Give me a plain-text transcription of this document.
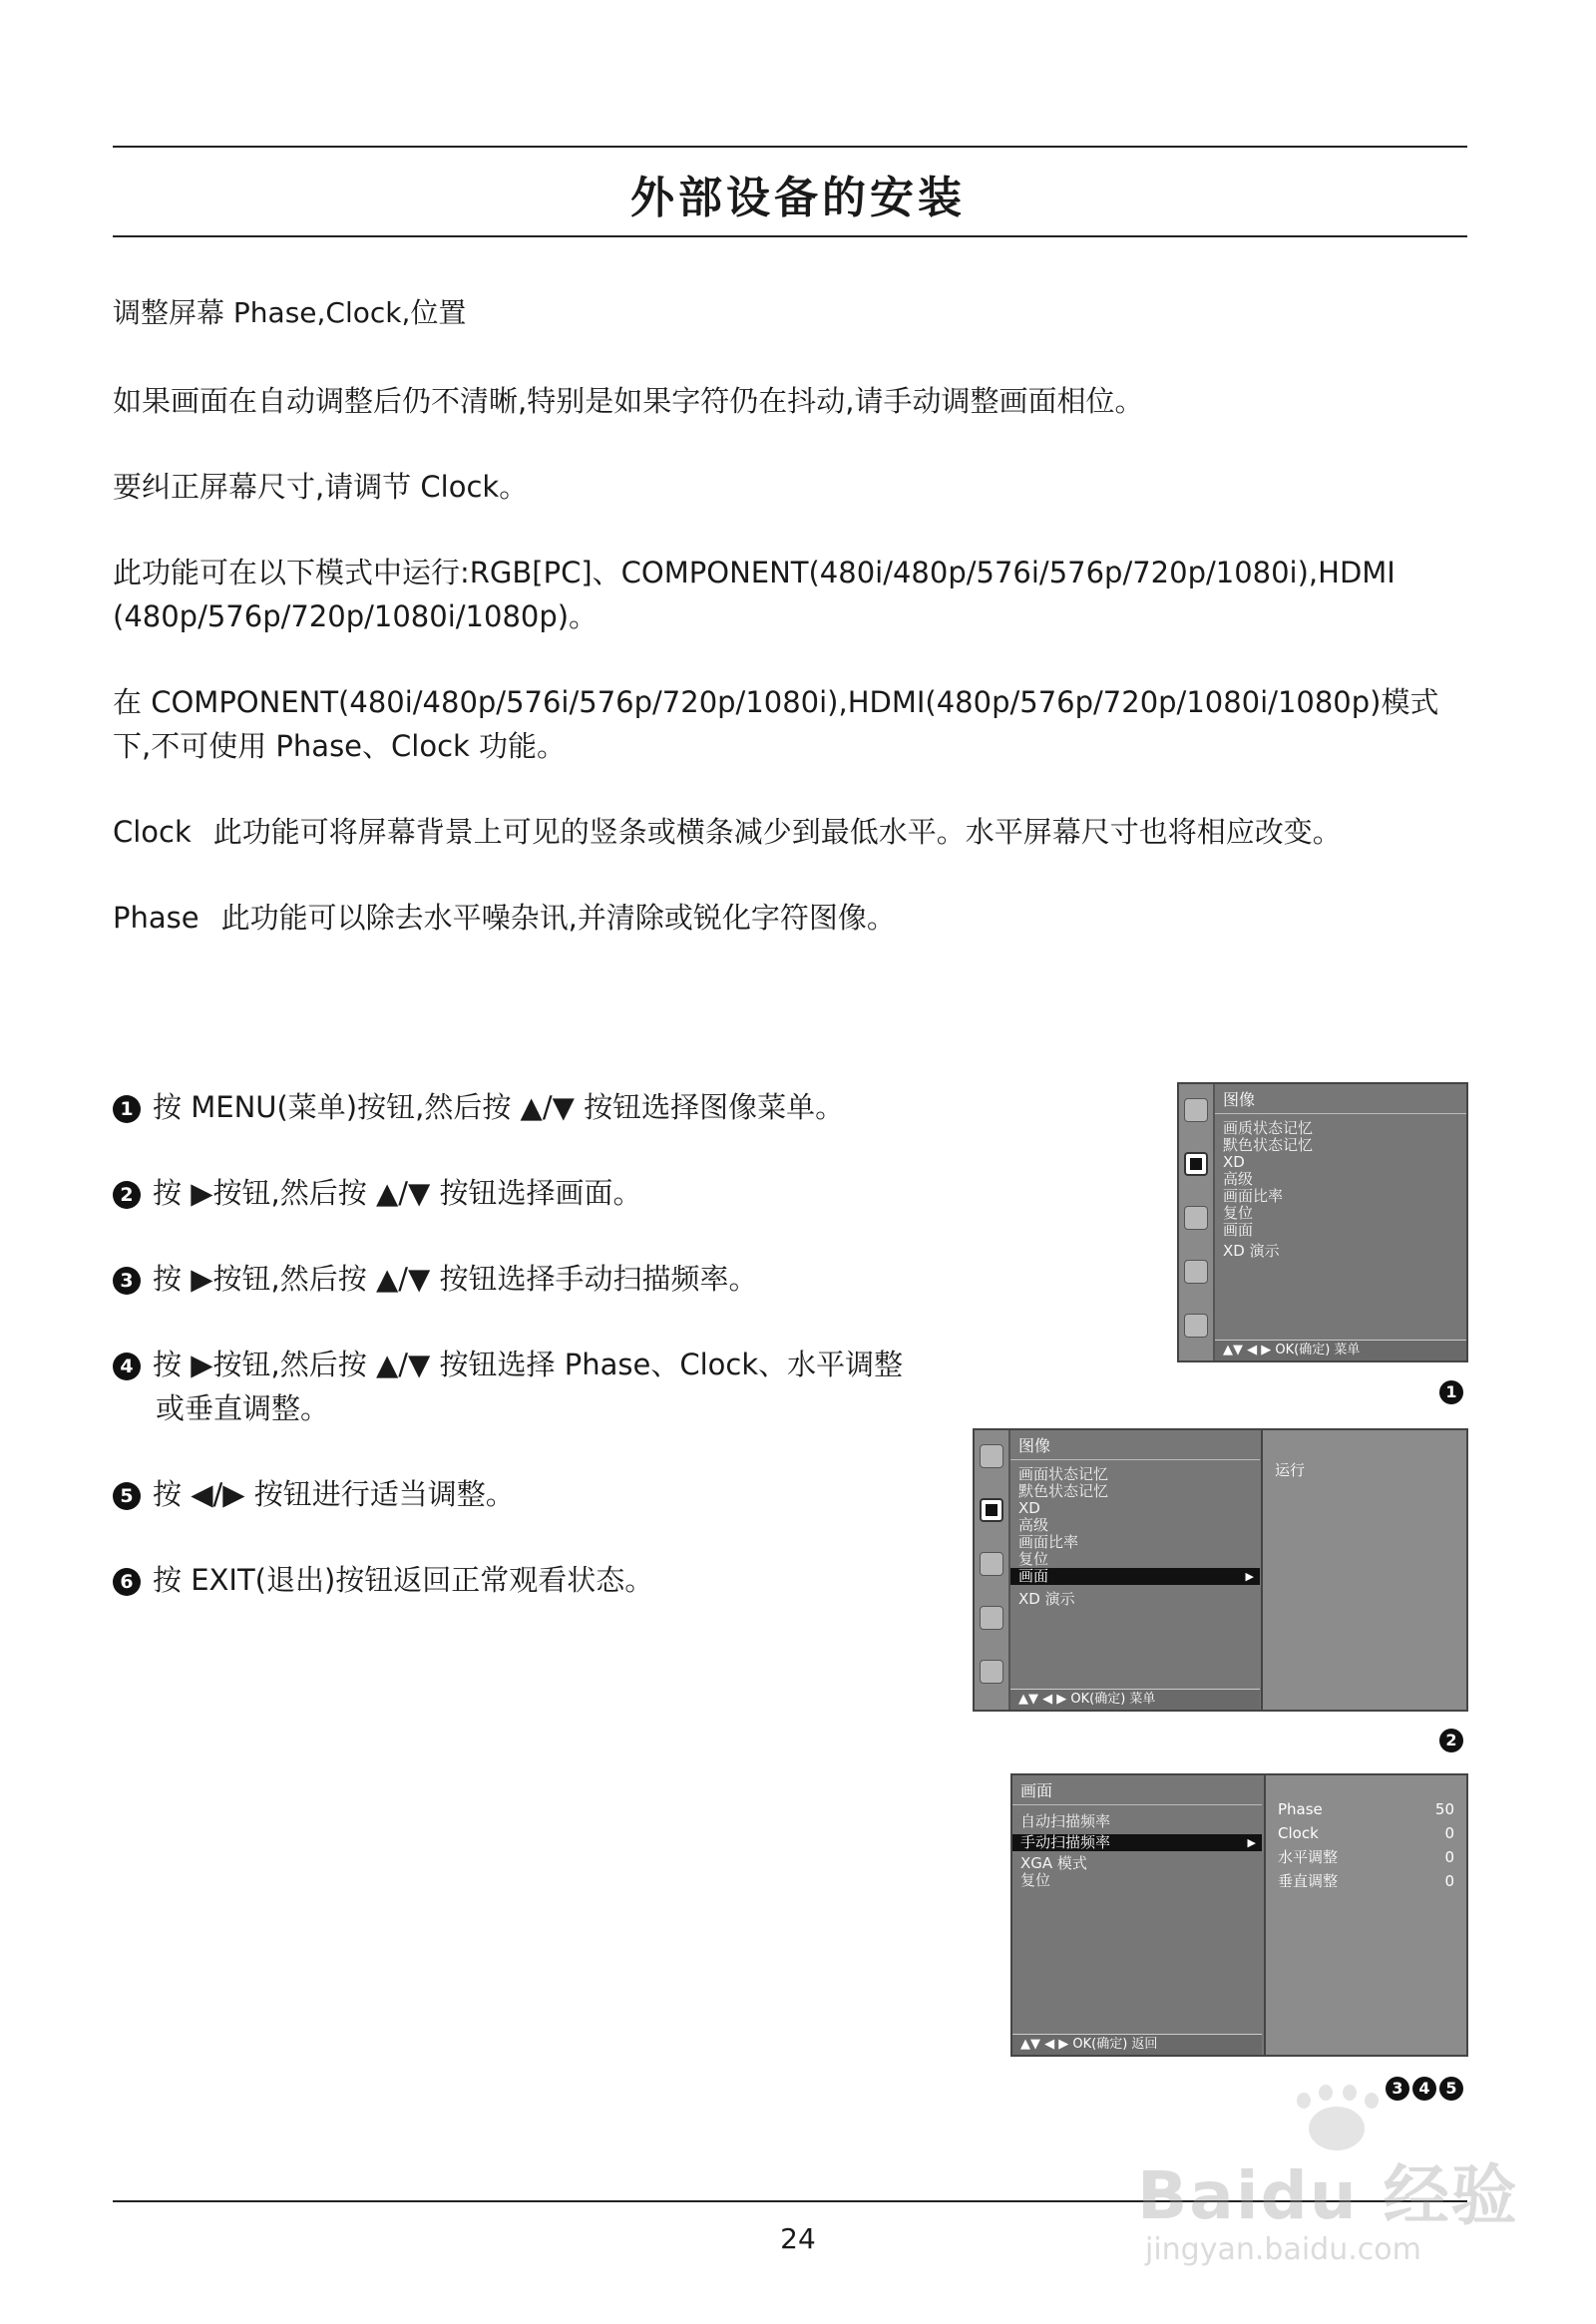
外部设备的安装
调整屏幕 Phase,Clock,位置
如果画面在自动调整后仍不清晰,特别是如果字符仍在抖动,请手动调整画面相位。
要纠正屏幕尺寸,请调节 Clock。
此功能可在以下模式中运行:RGB[PC]、COMPONENT(480i/480p/576i/576p/720p/1080i),HDMI
(480p/576p/720p/1080i/1080p)。
在 COMPONENT(480i/480p/576i/576p/720p/1080i),HDMI(480p/576p/720p/1080i/1080p)模式
下,不可使用 Phase、Clock 功能。
Clock 此功能可将屏幕背景上可见的竖条或横条减少到最低水平。水平屏幕尺寸也将相应改变。
Phase 此功能可以除去水平噪杂讯,并清除或锐化字符图像。
1 按 MENU(菜单)按钮,然后按 ▲/▼ 按钮选择图像菜单。
2 按 ▶按钮,然后按 ▲/▼ 按钮选择画面。
3 按 ▶按钮,然后按 ▲/▼ 按钮选择手动扫描频率。
4 按 ▶按钮,然后按 ▲/▼ 按钮选择 Phase、Clock、水平调整
或垂直调整。
5 按 ◀/▶ 按钮进行适当调整。
6 按 EXIT(退出)按钮返回正常观看状态。
图像
画质状态记忆
默色状态记忆
XD
高级
画面比率
复位
画面
XD 演示
▲▼ ◀ ▶ OK(确定) 菜单
1
图像
画面状态记忆
默色状态记忆
XD
高级
画面比率
复位
画面 ▶
XD 演示
▲▼ ◀ ▶ OK(确定) 菜单
运行
2
画面
自动扫描频率
手动扫描频率 ▶
XGA 模式
复位
▲▼ ◀ ▶ OK(确定) 返回
Phase	50
Clock	0
水平调整	0
垂直调整	0
3 4 5
24
Baidu 经验
jingyan.baidu.com
